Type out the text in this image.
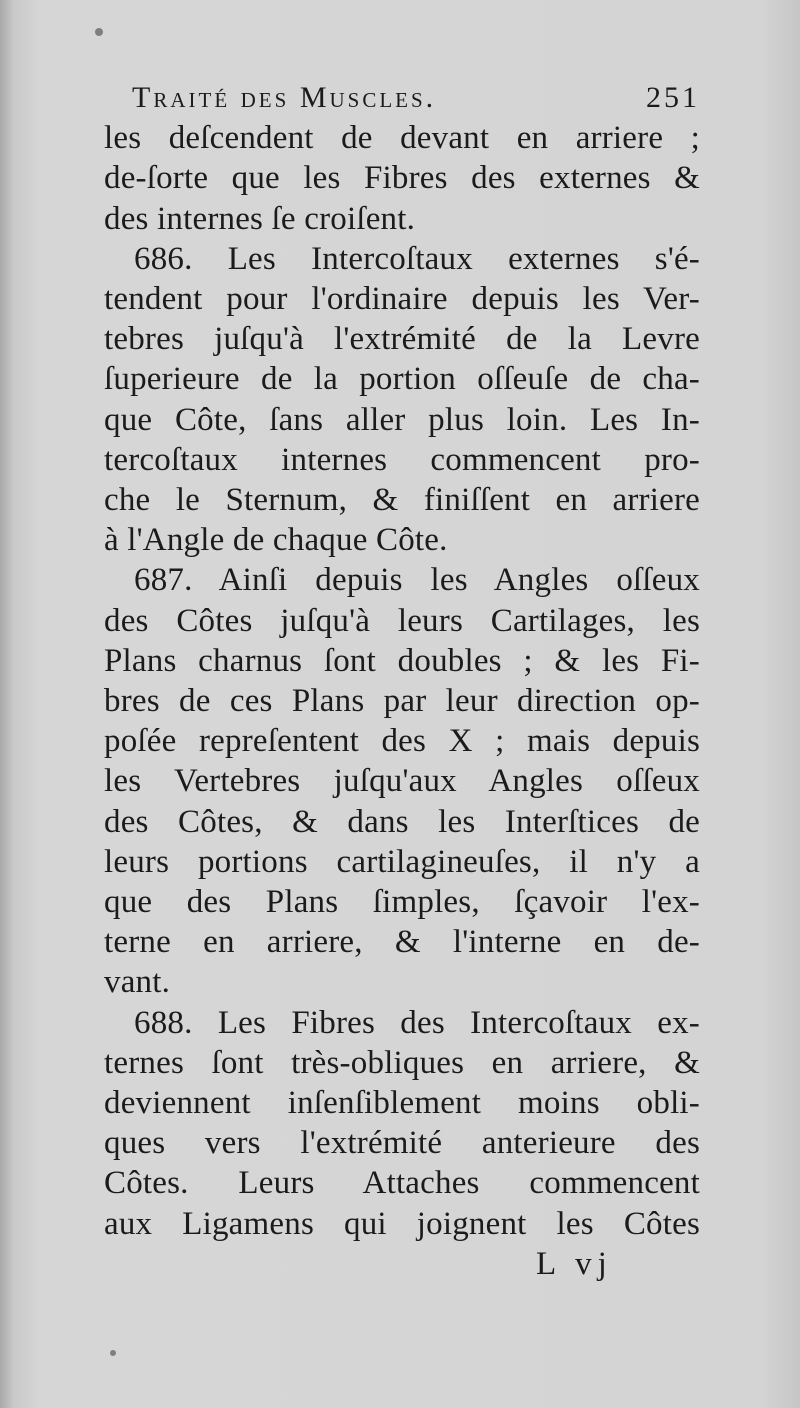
Traité des Muscles.	251
les deſcendent de devant en arriere ;
de-ſorte que les Fibres des externes &
des internes ſe croiſent.
686. Les Intercoſtaux externes s'é-
tendent pour l'ordinaire depuis les Ver-
tebres juſqu'à l'extrémité de la Levre
ſuperieure de la portion oſſeuſe de cha-
que Côte, ſans aller plus loin. Les In-
tercoſtaux internes commencent pro-
che le Sternum, & finiſſent en arriere
à l'Angle de chaque Côte.
687. Ainſi depuis les Angles oſſeux
des Côtes juſqu'à leurs Cartilages, les
Plans charnus ſont doubles ; & les Fi-
bres de ces Plans par leur direction op-
poſée repreſentent des X ; mais depuis
les Vertebres juſqu'aux Angles oſſeux
des Côtes, & dans les Interſtices de
leurs portions cartilagineuſes, il n'y a
que des Plans ſimples, ſçavoir l'ex-
terne en arriere, & l'interne en de-
vant.
688. Les Fibres des Intercoſtaux ex-
ternes ſont très-obliques en arriere, &
deviennent inſenſiblement moins obli-
ques vers l'extrémité anterieure des
Côtes. Leurs Attaches commencent
aux Ligamens qui joignent les Côtes
L vj
